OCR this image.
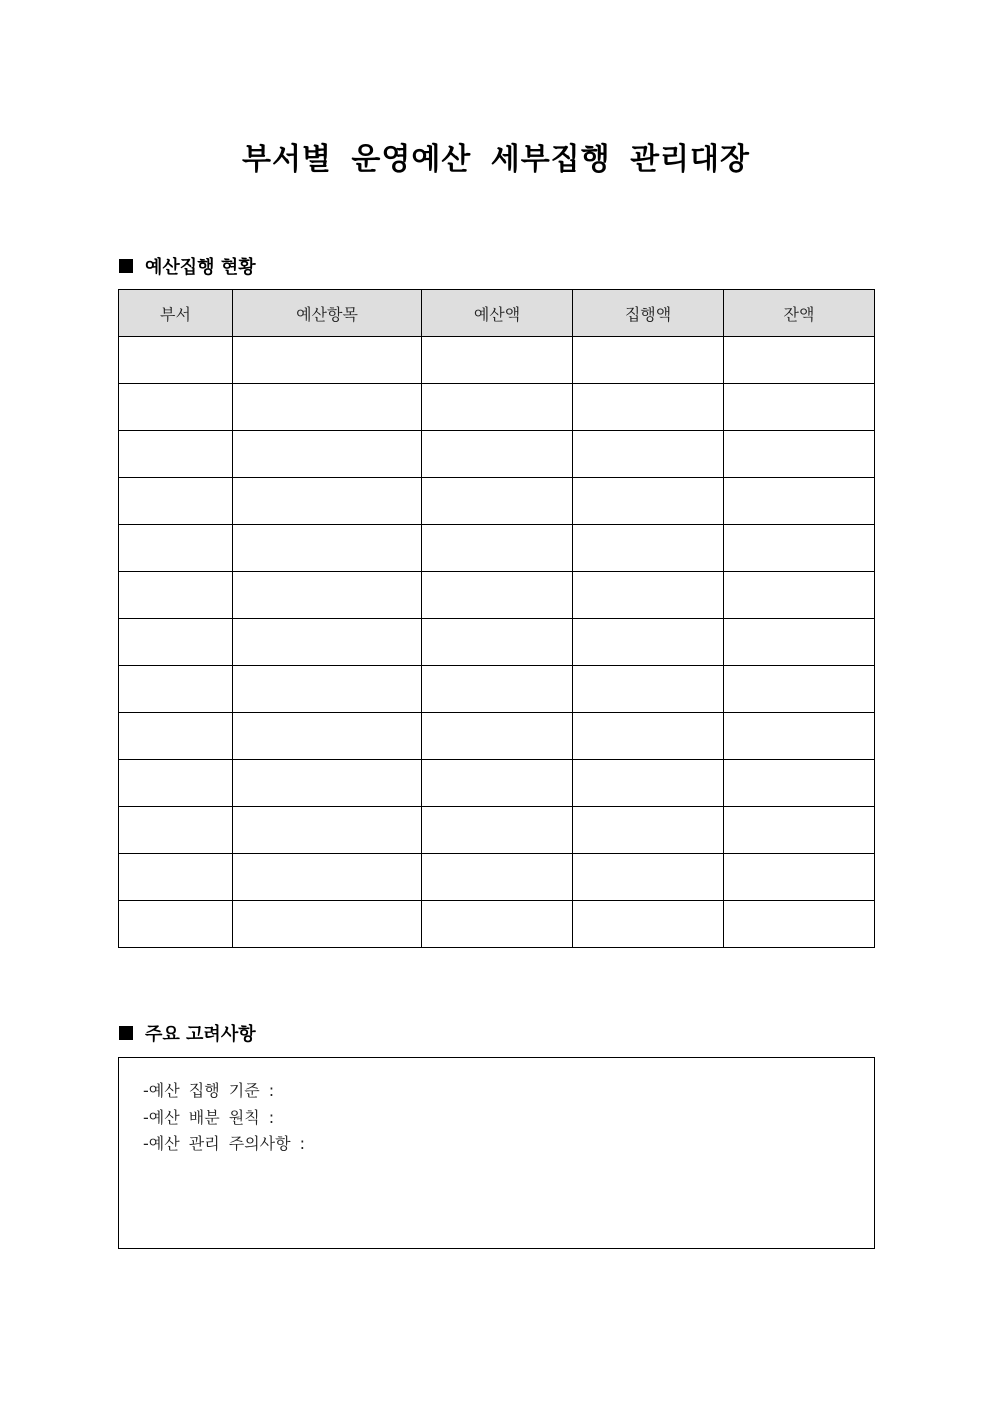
부서별 운영예산 세부집행 관리대장
예산집행 현황
부서	예산항목	예산액	집행액	잔액

주요 고려사항
-예산 집행 기준 :
-예산 배분 원칙 :
-예산 관리 주의사항 :
